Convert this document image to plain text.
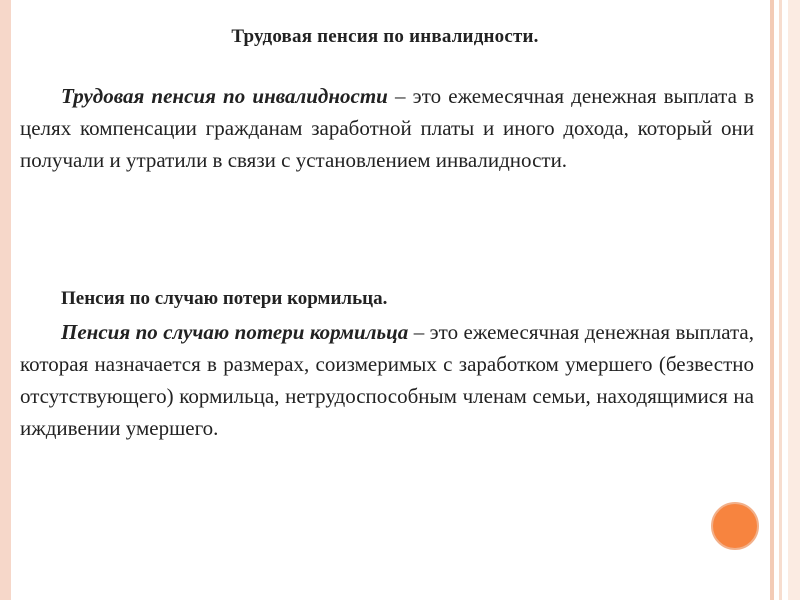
Трудовая пенсия по инвалидности.

Трудовая пенсия по инвалидности – это ежемесячная денежная выплата в целях компенсации гражданам заработной платы и иного дохода, который они получали и утратили в связи с установлением инвалидности.

Пенсия по случаю потери кормильца.

Пенсия по случаю потери кормильца – это ежемесячная денежная выплата, которая назначается в размерах, соизмеримых с заработком умершего (безвестно отсутствующего) кормильца, нетрудоспособным членам семьи, находящимися на иждивении умершего.
